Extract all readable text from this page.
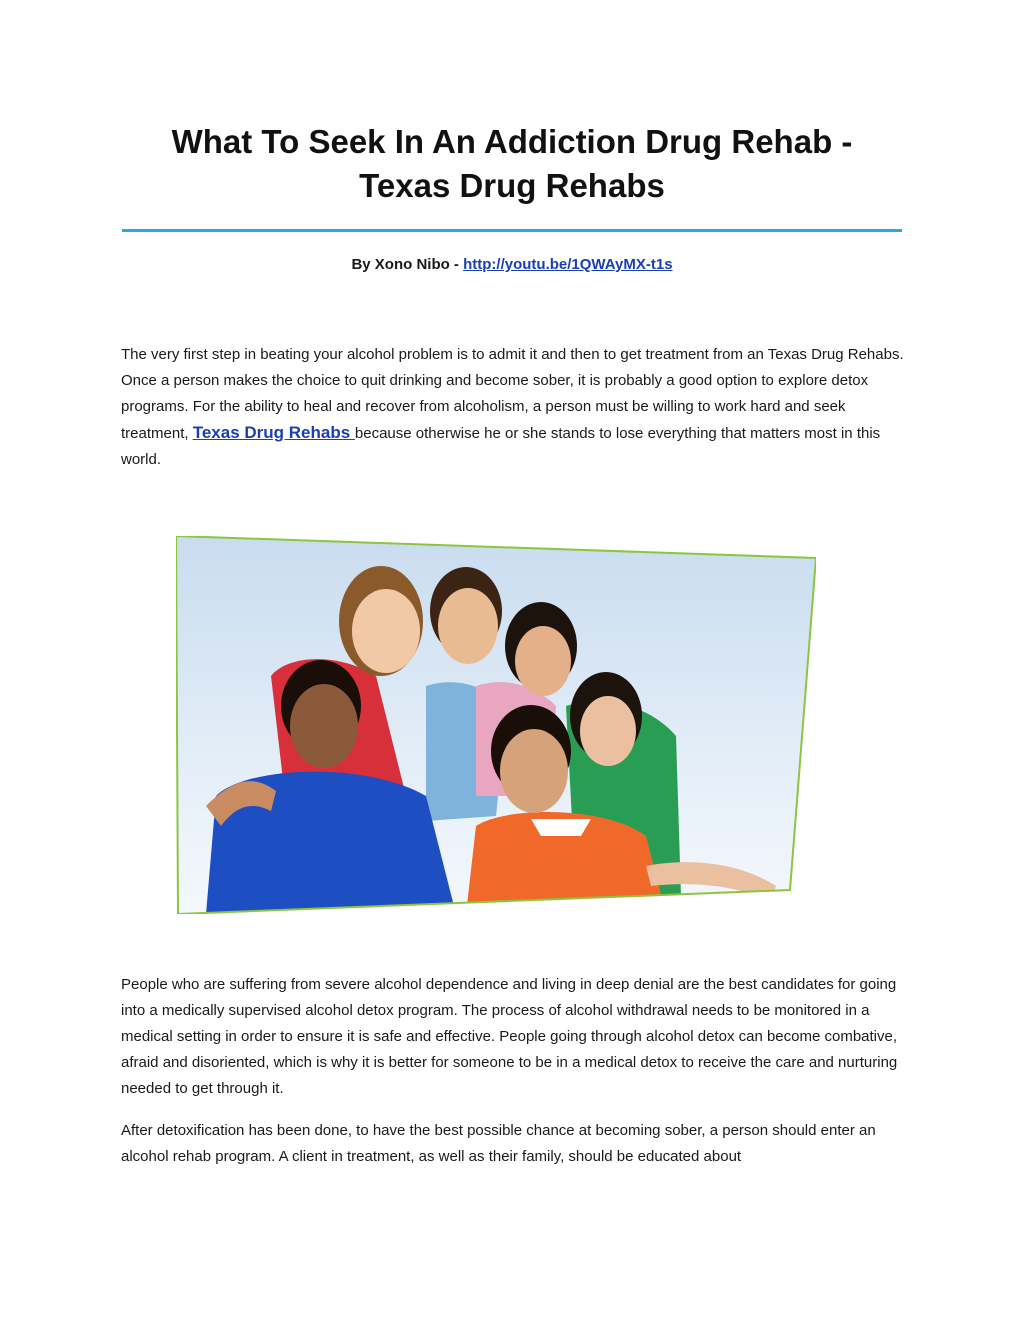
What To Seek In An Addiction Drug Rehab - Texas Drug Rehabs
By Xono Nibo - http://youtu.be/1QWAyMX-t1s

The very first step in beating your alcohol problem is to admit it and then to get treatment from an Texas Drug Rehabs. Once a person makes the choice to quit drinking and become sober, it is probably a good option to explore detox programs. For the ability to heal and recover from alcoholism, a person must be willing to work hard and seek treatment, Texas Drug Rehabs because otherwise he or she stands to lose everything that matters most in this world.

People who are suffering from severe alcohol dependence and living in deep denial are the best candidates for going into a medically supervised alcohol detox program. The process of alcohol withdrawal needs to be monitored in a medical setting in order to ensure it is safe and effective. People going through alcohol detox can become combative, afraid and disoriented, which is why it is better for someone to be in a medical detox to receive the care and nurturing needed to get through it.

After detoxification has been done, to have the best possible chance at becoming sober, a person should enter an alcohol rehab program. A client in treatment, as well as their family, should be educated about
